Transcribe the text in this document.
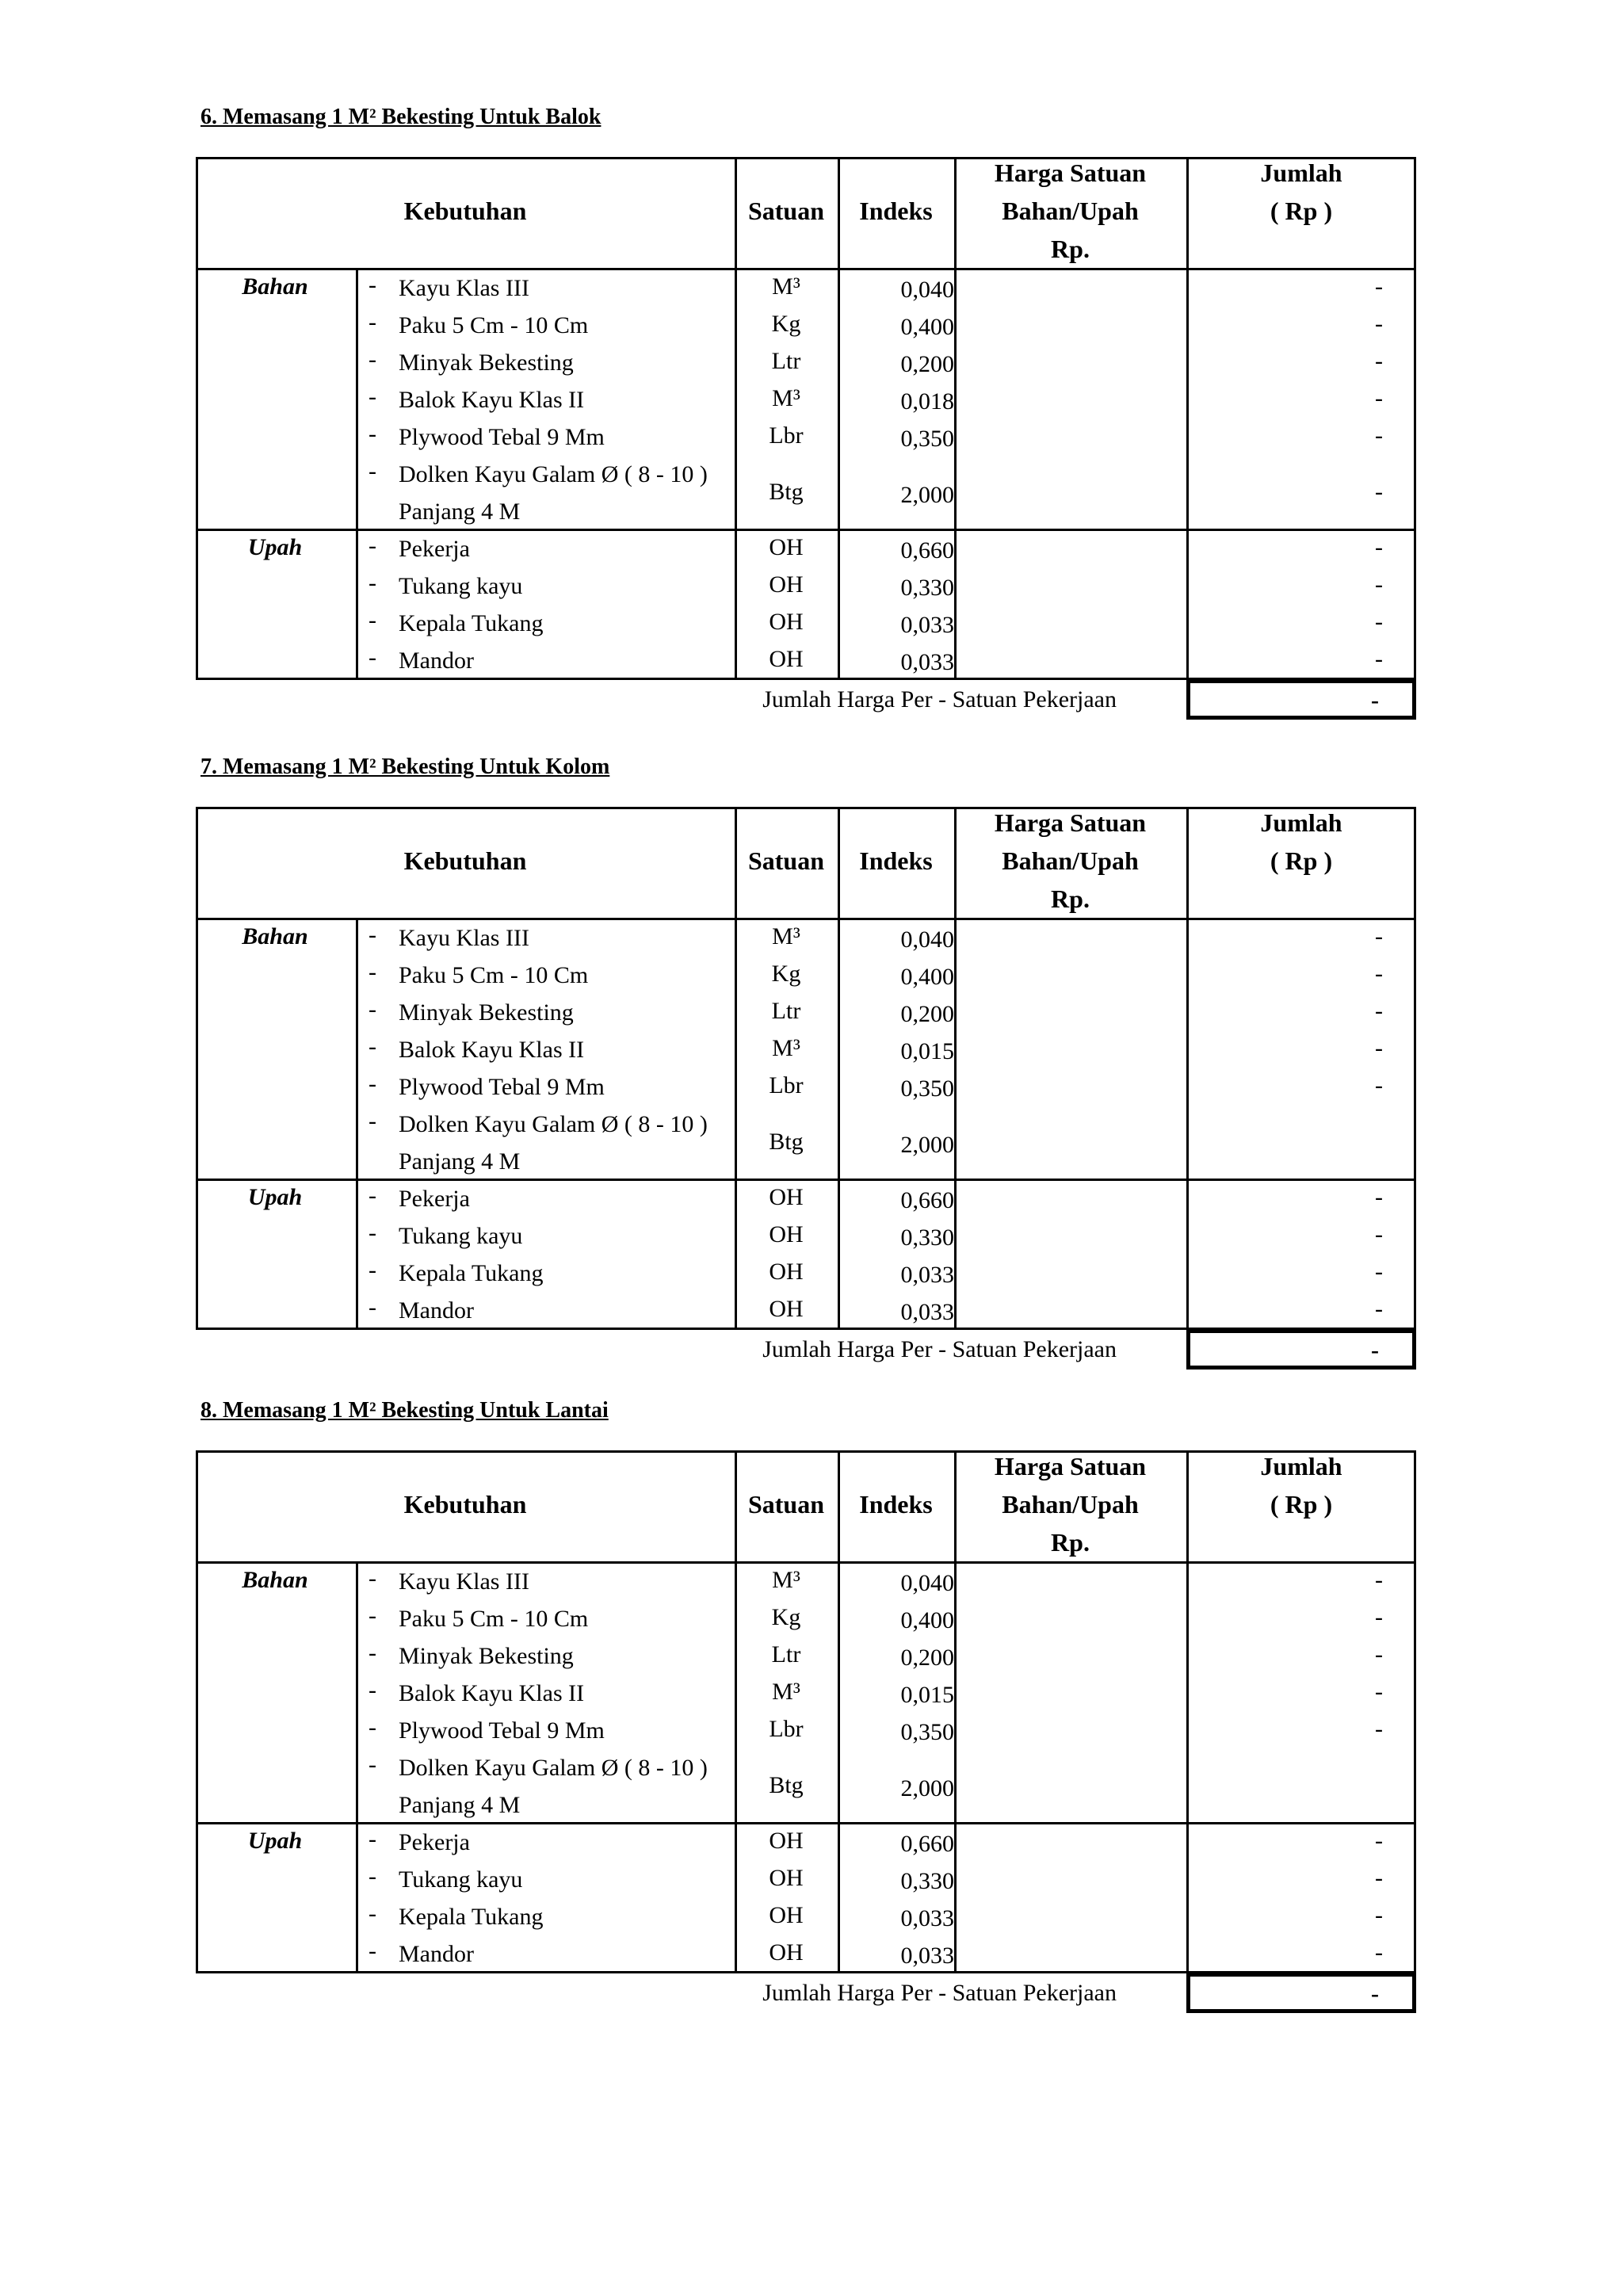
6. Memasang 1 M² Bekesting Untuk Balok
Kebutuhan	Satuan	Indeks
Harga Satuan
Bahan/Upah
Rp.
Jumlah
( Rp )
Bahan	- Kayu Klas III	M³	0,040	-
- Paku 5 Cm - 10 Cm	Kg	0,400	-
- Minyak Bekesting	Ltr	0,200	-
- Balok Kayu Klas II	M³	0,018	-
- Plywood Tebal 9 Mm	Lbr	0,350	-
- Dolken Kayu Galam Ø ( 8 - 10 )
Panjang 4 M
Btg	2,000	-
Upah	- Pekerja	OH	0,660	-
- Tukang kayu	OH	0,330	-
- Kepala Tukang	OH	0,033	-
- Mandor	OH	0,033	-
Jumlah Harga Per - Satuan Pekerjaan	-
7. Memasang 1 M² Bekesting Untuk Kolom
Kebutuhan	Satuan	Indeks
Harga Satuan
Bahan/Upah
Rp.
Jumlah
( Rp )
Bahan	- Kayu Klas III	M³	0,040	-
- Paku 5 Cm - 10 Cm	Kg	0,400	-
- Minyak Bekesting	Ltr	0,200	-
- Balok Kayu Klas II	M³	0,015	-
- Plywood Tebal 9 Mm	Lbr	0,350	-
- Dolken Kayu Galam Ø ( 8 - 10 )
Panjang 4 M
Btg	2,000
Upah	- Pekerja	OH	0,660	-
- Tukang kayu	OH	0,330	-
- Kepala Tukang	OH	0,033	-
- Mandor	OH	0,033	-
Jumlah Harga Per - Satuan Pekerjaan	-
8. Memasang 1 M² Bekesting Untuk Lantai
Kebutuhan	Satuan	Indeks
Harga Satuan
Bahan/Upah
Rp.
Jumlah
( Rp )
Bahan	- Kayu Klas III	M³	0,040	-
- Paku 5 Cm - 10 Cm	Kg	0,400	-
- Minyak Bekesting	Ltr	0,200	-
- Balok Kayu Klas II	M³	0,015	-
- Plywood Tebal 9 Mm	Lbr	0,350	-
- Dolken Kayu Galam Ø ( 8 - 10 )
Panjang 4 M
Btg	2,000
Upah	- Pekerja	OH	0,660	-
- Tukang kayu	OH	0,330	-
- Kepala Tukang	OH	0,033	-
- Mandor	OH	0,033	-
Jumlah Harga Per - Satuan Pekerjaan	-
